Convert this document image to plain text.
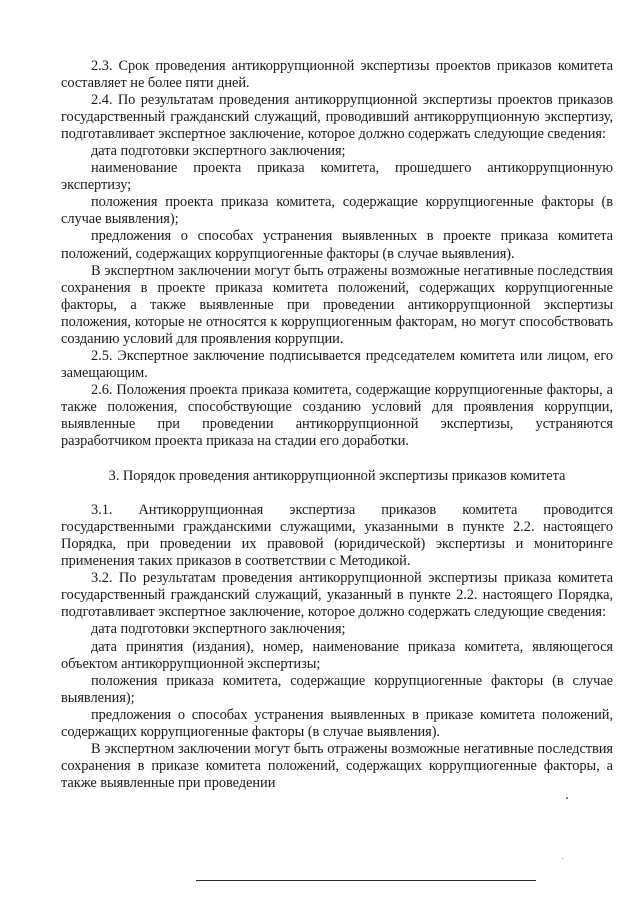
2.3. Срок проведения антикоррупционной экспертизы проектов приказов комитета составляет не более пяти дней.

2.4. По результатам проведения антикоррупционной экспертизы проектов приказов государственный гражданский служащий, проводивший антикоррупционную экспертизу, подготавливает экспертное заключение, которое должно содержать следующие сведения:

дата подготовки экспертного заключения;

наименование проекта приказа комитета, прошедшего антикоррупционную экспертизу;

положения проекта приказа комитета, содержащие коррупциогенные факторы (в случае выявления);

предложения о способах устранения выявленных в проекте приказа комитета положений, содержащих коррупциогенные факторы (в случае выявления).

В экспертном заключении могут быть отражены возможные негативные последствия сохранения в проекте приказа комитета положений, содержащих коррупциогенные факторы, а также выявленные при проведении антикоррупционной экспертизы положения, которые не относятся к коррупциогенным факторам, но могут способствовать созданию условий для проявления коррупции.

2.5. Экспертное заключение подписывается председателем комитета или лицом, его замещающим.

2.6. Положения проекта приказа комитета, содержащие коррупциогенные факторы, а также положения, способствующие созданию условий для проявления коррупции, выявленные при проведении антикоррупционной экспертизы, устраняются разработчиком проекта приказа на стадии его доработки.

3. Порядок проведения антикоррупционной экспертизы приказов комитета

3.1. Антикоррупционная экспертиза приказов комитета проводится государственными гражданскими служащими, указанными в пункте 2.2. настоящего Порядка, при проведении их правовой (юридической) экспертизы и мониторинге применения таких приказов в соответствии с Методикой.

3.2. По результатам проведения антикоррупционной экспертизы приказа комитета государственный гражданский служащий, указанный в пункте 2.2. настоящего Порядка, подготавливает экспертное заключение, которое должно содержать следующие сведения:

дата подготовки экспертного заключения;

дата принятия (издания), номер, наименование приказа комитета, являющегося объектом антикоррупционной экспертизы;

положения приказа комитета, содержащие коррупциогенные факторы (в случае выявления);

предложения о способах устранения выявленных в приказе комитета положений, содержащих коррупциогенные факторы (в случае выявления).

В экспертном заключении могут быть отражены возможные негативные последствия сохранения в приказе комитета положений, содержащих коррупциогенные факторы, а также выявленные при проведении
